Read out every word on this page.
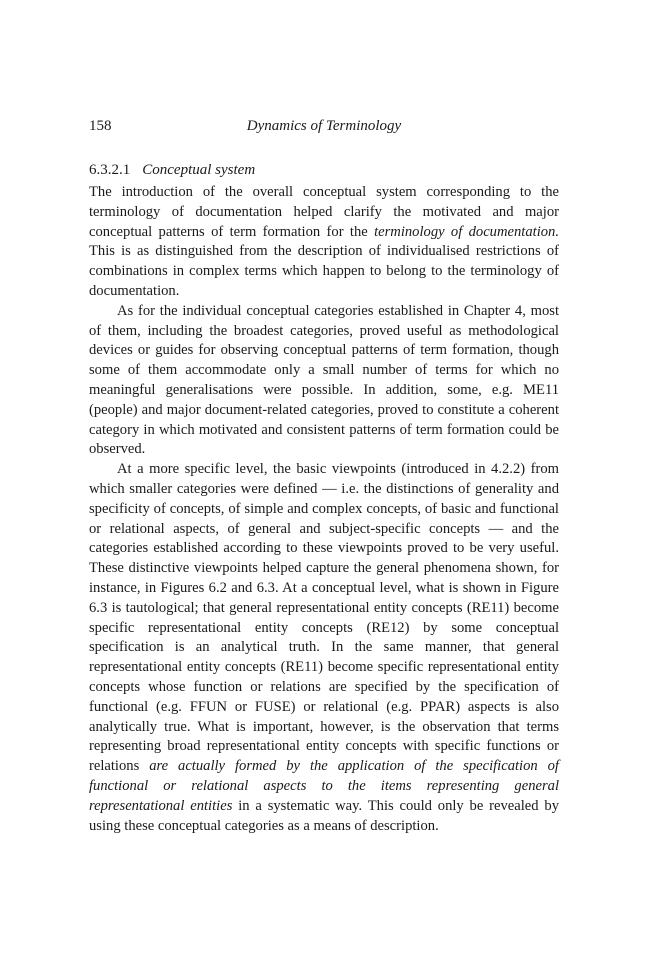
158	Dynamics of Terminology
6.3.2.1 Conceptual system

The introduction of the overall conceptual system corresponding to the terminology of documentation helped clarify the motivated and major conceptual patterns of term formation for the terminology of documentation. This is as distinguished from the description of individualised restrictions of combinations in complex terms which happen to belong to the terminology of documentation.

As for the individual conceptual categories established in Chapter 4, most of them, including the broadest categories, proved useful as methodological devices or guides for observing conceptual patterns of term formation, though some of them accommodate only a small number of terms for which no meaningful generalisations were possible. In addition, some, e.g. ME11 (people) and major document-related categories, proved to constitute a coherent category in which motivated and consistent patterns of term formation could be observed.

At a more specific level, the basic viewpoints (introduced in 4.2.2) from which smaller categories were defined — i.e. the distinctions of generality and specificity of concepts, of simple and complex concepts, of basic and functional or relational aspects, of general and subject-specific concepts — and the categories established according to these viewpoints proved to be very useful. These distinctive viewpoints helped capture the general phenomena shown, for instance, in Figures 6.2 and 6.3. At a conceptual level, what is shown in Figure 6.3 is tautological; that general representational entity concepts (RE11) become specific representational entity concepts (RE12) by some conceptual specification is an analytical truth. In the same manner, that general representational entity concepts (RE11) become specific representational entity concepts whose function or relations are specified by the specification of functional (e.g. FFUN or FUSE) or relational (e.g. PPAR) aspects is also analytically true. What is important, however, is the observation that terms representing broad representational entity concepts with specific functions or relations are actually formed by the application of the specification of functional or relational aspects to the items representing general representational entities in a systematic way. This could only be revealed by using these conceptual categories as a means of description.
